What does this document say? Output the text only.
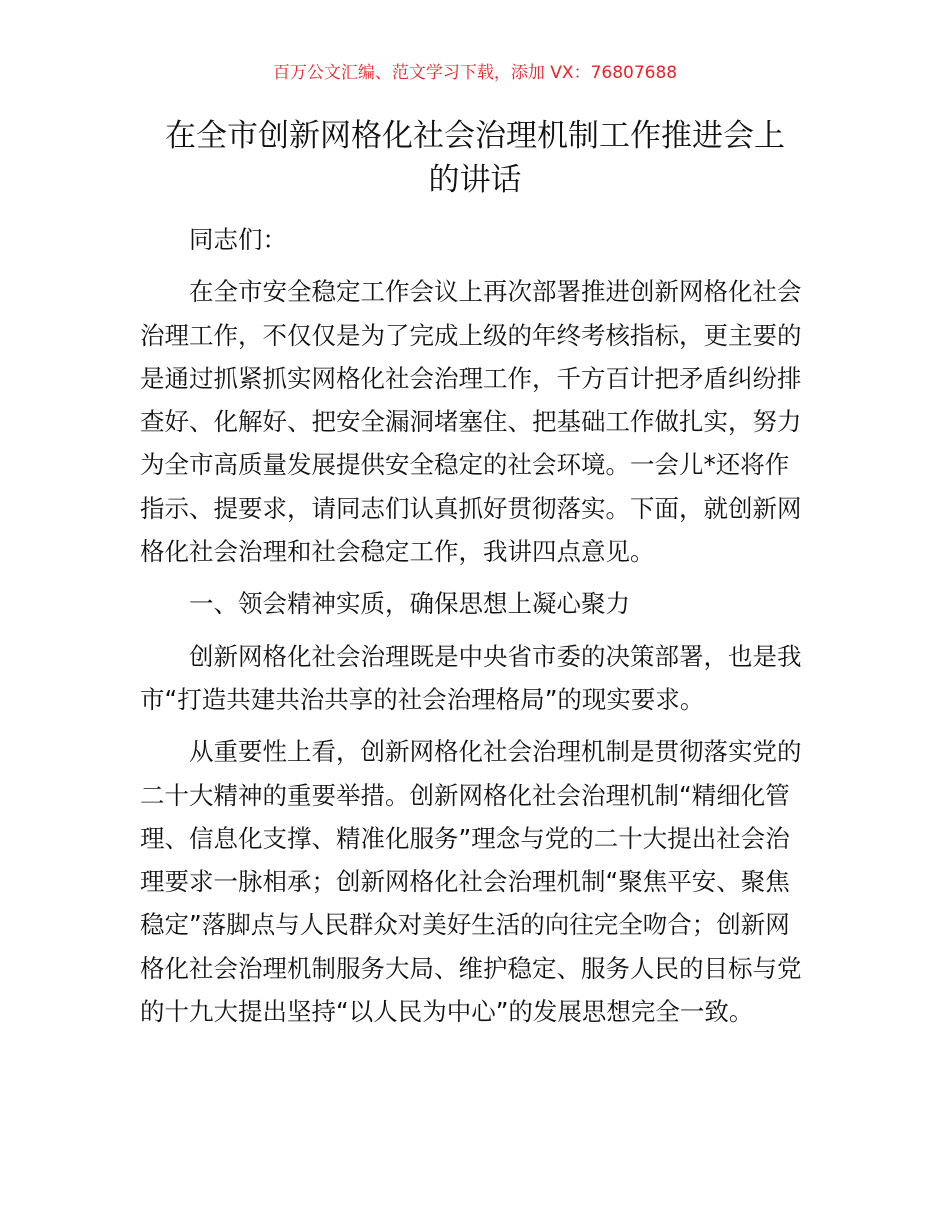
百万公文汇编、范文学习下载，添加 VX：76807688
在全市创新网格化社会治理机制工作推进会上
的讲话
同志们：
在全市安全稳定工作会议上再次部署推进创新网格化社会
治理工作，不仅仅是为了完成上级的年终考核指标，更主要的
是通过抓紧抓实网格化社会治理工作，千方百计把矛盾纠纷排
查好、化解好、把安全漏洞堵塞住、把基础工作做扎实，努力
为全市高质量发展提供安全稳定的社会环境。一会儿*还将作
指示、提要求，请同志们认真抓好贯彻落实。下面，就创新网
格化社会治理和社会稳定工作，我讲四点意见。
一、领会精神实质，确保思想上凝心聚力
创新网格化社会治理既是中央省市委的决策部署，也是我
市“打造共建共治共享的社会治理格局”的现实要求。
从重要性上看，创新网格化社会治理机制是贯彻落实党的
二十大精神的重要举措。创新网格化社会治理机制“精细化管
理、信息化支撑、精准化服务”理念与党的二十大提出社会治
理要求一脉相承；创新网格化社会治理机制“聚焦平安、聚焦
稳定”落脚点与人民群众对美好生活的向往完全吻合；创新网
格化社会治理机制服务大局、维护稳定、服务人民的目标与党
的十九大提出坚持“以人民为中心”的发展思想完全一致。
